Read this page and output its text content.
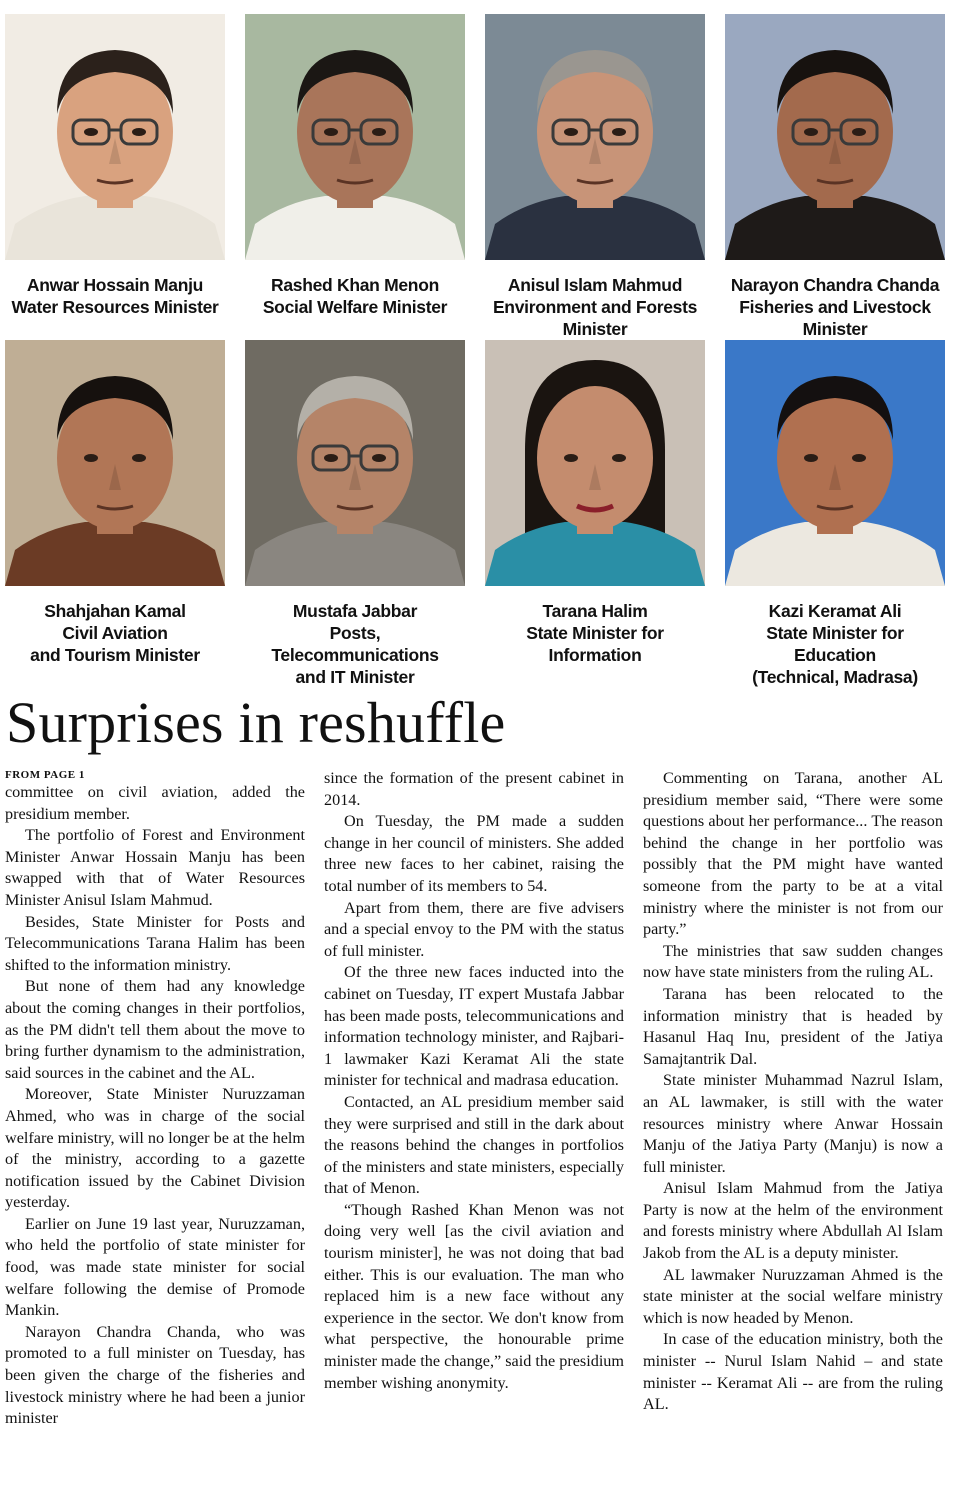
Anwar Hossain Manju
Water Resources Minister
Rashed Khan Menon
Social Welfare Minister
Anisul Islam Mahmud
Environment and Forests
Minister
Narayon Chandra Chanda
Fisheries and Livestock
Minister
Shahjahan Kamal
Civil Aviation
and Tourism Minister
Mustafa Jabbar
Posts, Telecommunications
and IT Minister
Tarana Halim
State Minister for
Information
Kazi Keramat Ali
State Minister for Education
(Technical, Madrasa)
Surprises in reshuffle
FROM PAGE 1

committee on civil aviation, added the presidium member.

The portfolio of Forest and Environment Minister Anwar Hossain Manju has been swapped with that of Water Resources Minister Anisul Islam Mahmud.

Besides, State Minister for Posts and Telecommunications Tarana Halim has been shifted to the information ministry.

But none of them had any knowledge about the coming changes in their portfolios, as the PM didn't tell them about the move to bring further dynamism to the administration, said sources in the cabinet and the AL.

Moreover, State Minister Nuruzzaman Ahmed, who was in charge of the social welfare ministry, will no longer be at the helm of the ministry, according to a gazette notification issued by the Cabinet Division yesterday.

Earlier on June 19 last year, Nuruzzaman, who held the portfolio of state minister for food, was made state minister for social welfare following the demise of Promode Mankin.

Narayon Chandra Chanda, who was promoted to a full minister on Tuesday, has been given the charge of the fisheries and livestock ministry where he had been a junior minister

since the formation of the present cabinet in 2014.

On Tuesday, the PM made a sudden change in her council of ministers. She added three new faces to her cabinet, raising the total number of its members to 54.

Apart from them, there are five advisers and a special envoy to the PM with the status of full minister.

Of the three new faces inducted into the cabinet on Tuesday, IT expert Mustafa Jabbar has been made posts, telecommunications and information technology minister, and Rajbari-1 lawmaker Kazi Keramat Ali the state minister for technical and madrasa education.

Contacted, an AL presidium member said they were surprised and still in the dark about the reasons behind the changes in portfolios of the ministers and state ministers, especially that of Menon.

“Though Rashed Khan Menon was not doing very well [as the civil aviation and tourism minister], he was not doing that bad either. This is our evaluation. The man who replaced him is a new face without any experience in the sector. We don't know from what perspective, the honourable prime minister made the change,” said the presidium member wishing anonymity.

Commenting on Tarana, another AL presidium member said, “There were some questions about her performance... The reason behind the change in her portfolio was possibly that the PM might have wanted someone from the party to be at a vital ministry where the minister is not from our party.”

The ministries that saw sudden changes now have state ministers from the ruling AL.

Tarana has been relocated to the information ministry that is headed by Hasanul Haq Inu, president of the Jatiya Samajtantrik Dal.

State minister Muhammad Nazrul Islam, an AL lawmaker, is still with the water resources ministry where Anwar Hossain Manju of the Jatiya Party (Manju) is now a full minister.

Anisul Islam Mahmud from the Jatiya Party is now at the helm of the environment and forests ministry where Abdullah Al Islam Jakob from the AL is a deputy minister.

AL lawmaker Nuruzzaman Ahmed is the state minister at the social welfare ministry which is now headed by Menon.

In case of the education ministry, both the minister -- Nurul Islam Nahid – and state minister -- Keramat Ali -- are from the ruling AL.
